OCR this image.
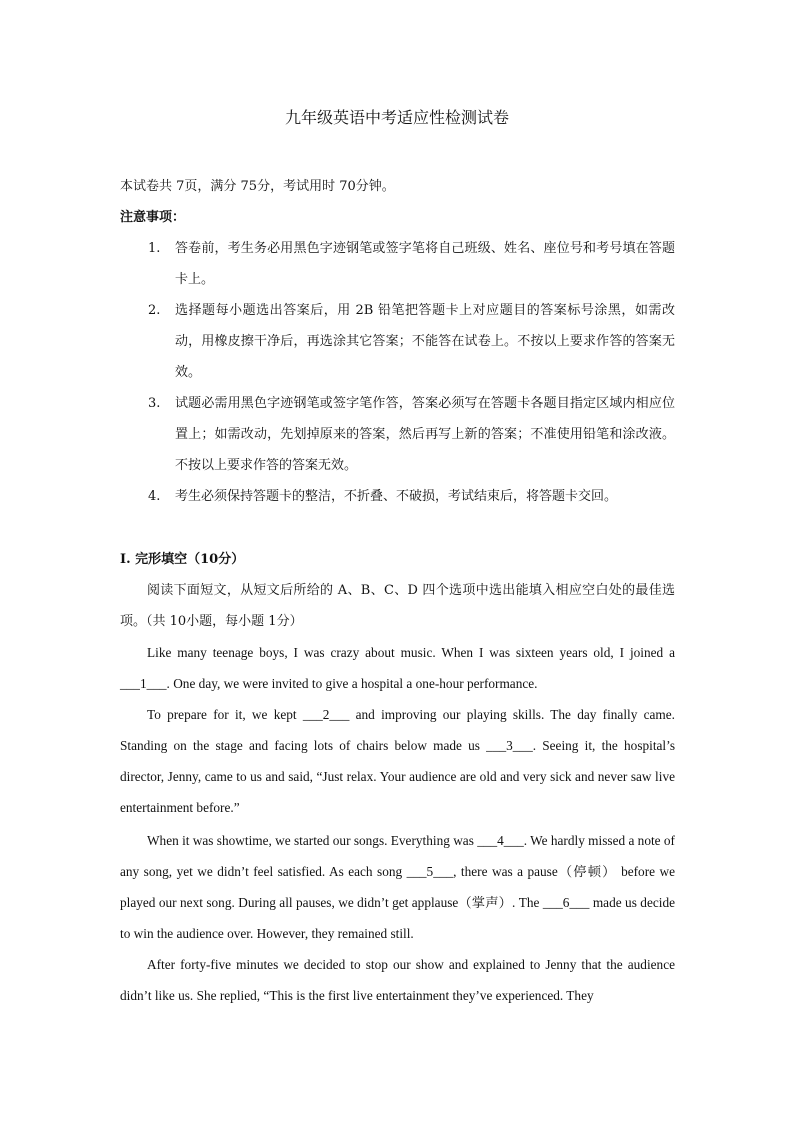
九年级英语中考适应性检测试卷

本试卷共 7页，满分 75分，考试用时 70分钟。

注意事项：

1.	答卷前，考生务必用黑色字迹钢笔或签字笔将自己班级、姓名、座位号和考号填在答题卡上。
2.	选择题每小题选出答案后，用 2B 铅笔把答题卡上对应题目的答案标号涂黑，如需改动，用橡皮擦干净后，再选涂其它答案；不能答在试卷上。不按以上要求作答的答案无效。
3.	试题必需用黑色字迹钢笔或签字笔作答，答案必须写在答题卡各题目指定区域内相应位置上；如需改动，先划掉原来的答案，然后再写上新的答案；不准使用铅笔和涂改液。不按以上要求作答的答案无效。
4.	考生必须保持答题卡的整洁，不折叠、不破损，考试结束后，将答题卡交回。

Ⅰ. 完形填空（10分）

阅读下面短文，从短文后所给的 A、B、C、D 四个选项中选出能填入相应空白处的最佳选项。（共 10小题，每小题 1分）

Like many teenage boys, I was crazy about music. When I was sixteen years old, I joined a ___1___. One day, we were invited to give a hospital a one-hour performance.

To prepare for it, we kept ___2___ and improving our playing skills. The day finally came. Standing on the stage and facing lots of chairs below made us ___3___. Seeing it, the hospital’s director, Jenny, came to us and said, “Just relax. Your audience are old and very sick and never saw live entertainment before.”

When it was showtime, we started our songs. Everything was ___4___. We hardly missed a note of any song, yet we didn’t feel satisfied. As each song ___5___, there was a pause（停顿） before we played our next song. During all pauses, we didn’t get applause（掌声）. The ___6___ made us decide to win the audience over. However, they remained still.

After forty-five minutes we decided to stop our show and explained to Jenny that the audience didn’t like us. She replied, “This is the first live entertainment they’ve experienced. They
